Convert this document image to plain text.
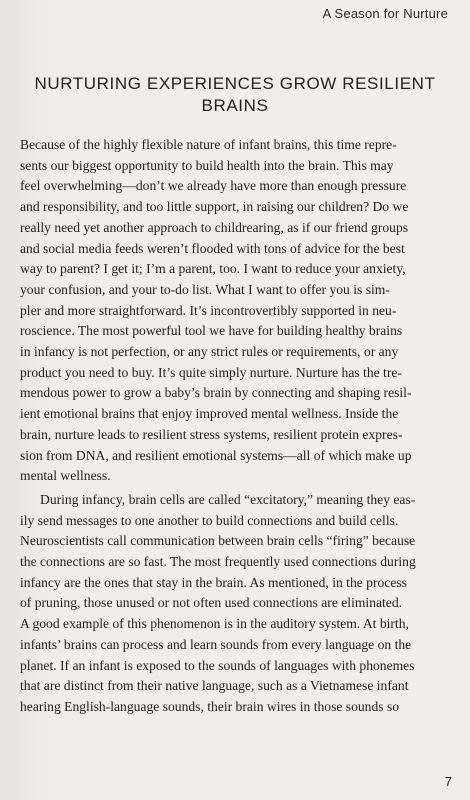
A Season for Nurture
NURTURING EXPERIENCES GROW RESILIENT BRAINS
Because of the highly flexible nature of infant brains, this time repre-
sents our biggest opportunity to build health into the brain. This may
feel overwhelming—don’t we already have more than enough pressure
and responsibility, and too little support, in raising our children? Do we
really need yet another approach to childrearing, as if our friend groups
and social media feeds weren’t flooded with tons of advice for the best
way to parent? I get it; I’m a parent, too. I want to reduce your anxiety,
your confusion, and your to-do list. What I want to offer you is sim-
pler and more straightforward. It’s incontrovertibly supported in neu-
roscience. The most powerful tool we have for building healthy brains
in infancy is not perfection, or any strict rules or requirements, or any
product you need to buy. It’s quite simply nurture. Nurture has the tre-
mendous power to grow a baby’s brain by connecting and shaping resil-
ient emotional brains that enjoy improved mental wellness. Inside the
brain, nurture leads to resilient stress systems, resilient protein expres-
sion from DNA, and resilient emotional systems—all of which make up
mental wellness.
During infancy, brain cells are called “excitatory,” meaning they eas-
ily send messages to one another to build connections and build cells.
Neuroscientists call communication between brain cells “firing” because
the connections are so fast. The most frequently used connections during
infancy are the ones that stay in the brain. As mentioned, in the process
of pruning, those unused or not often used connections are eliminated.
A good example of this phenomenon is in the auditory system. At birth,
infants’ brains can process and learn sounds from every language on the
planet. If an infant is exposed to the sounds of languages with phonemes
that are distinct from their native language, such as a Vietnamese infant
hearing English-language sounds, their brain wires in those sounds so
7
